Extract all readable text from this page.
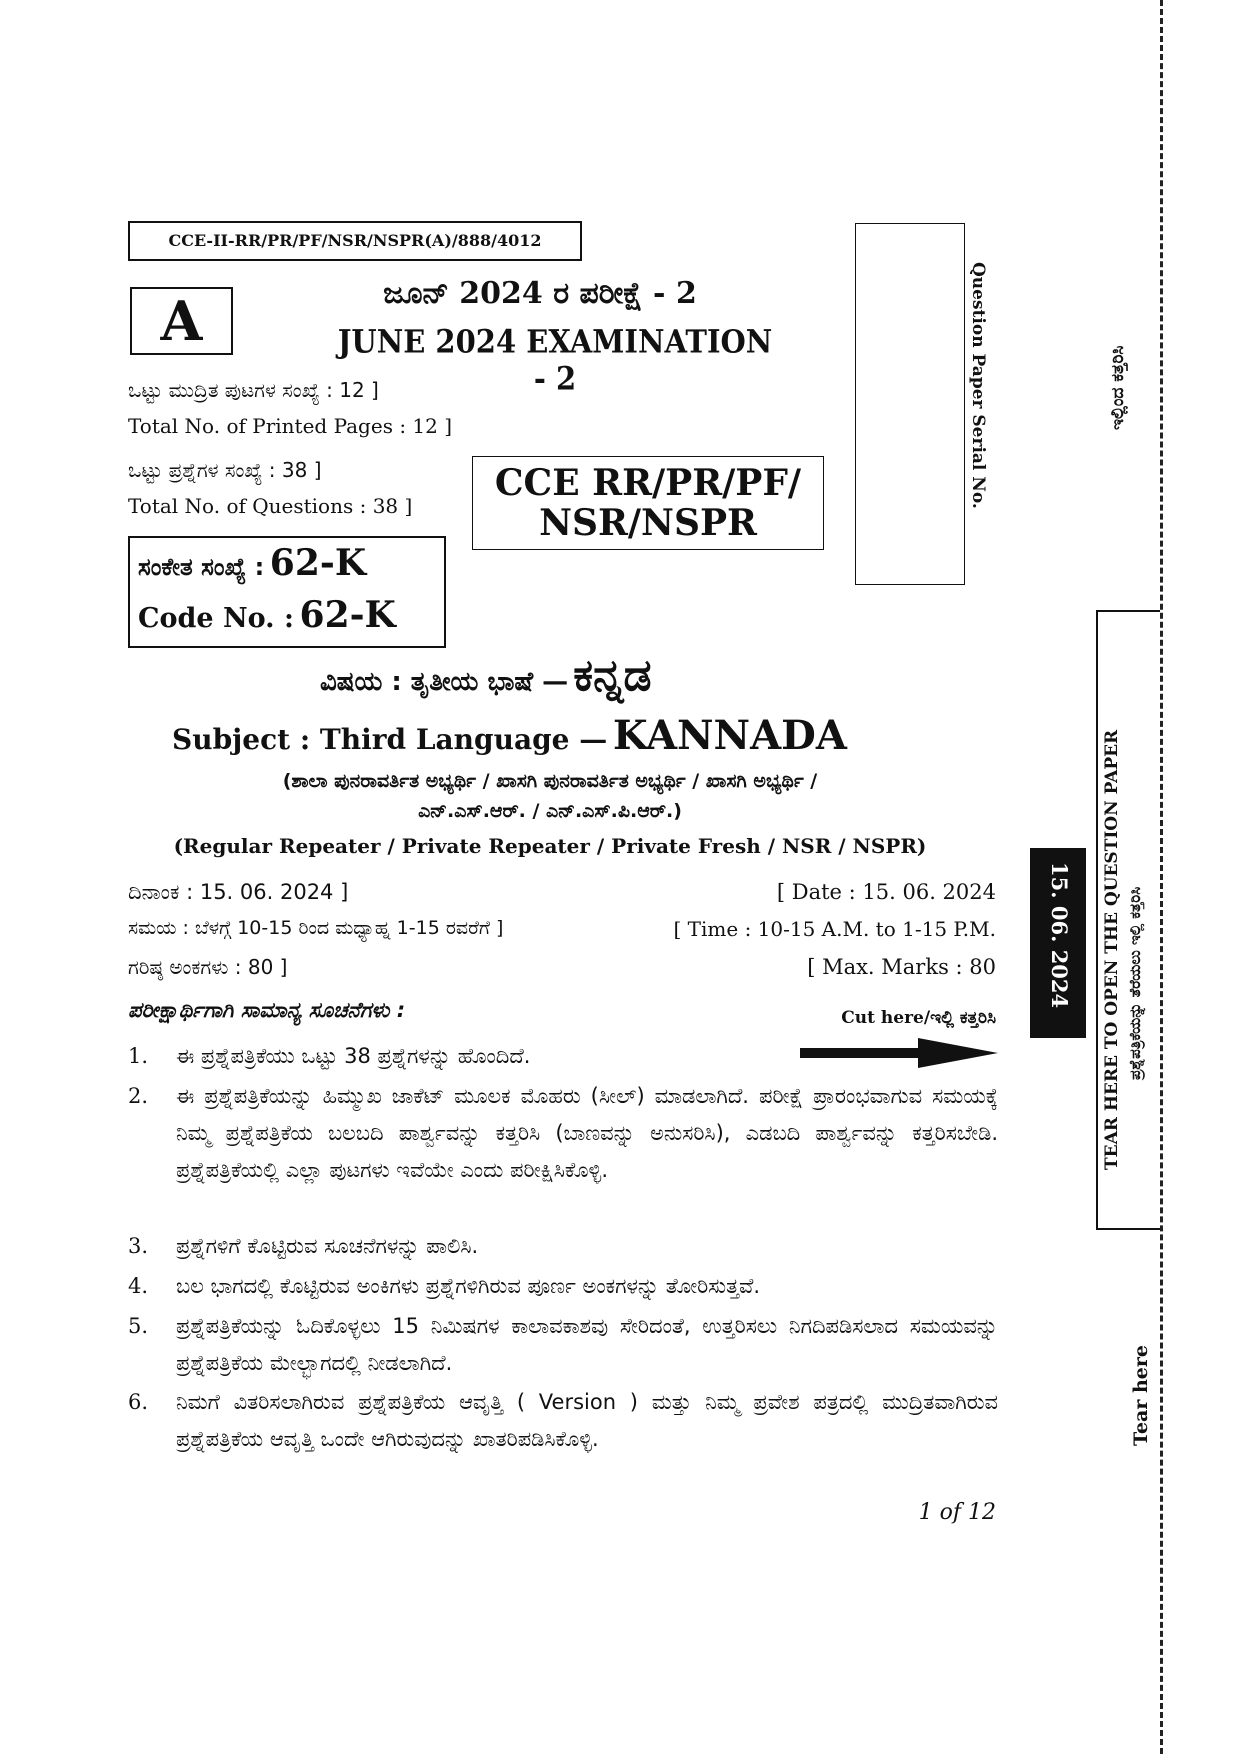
CCE-II-RR/PR/PF/NSR/NSPR(A)/888/4012
A	ಜೂನ್ 2024 ರ ಪರೀಕ್ಷೆ - 2
JUNE 2024 EXAMINATION - 2
ಒಟ್ಟು ಮುದ್ರಿತ ಪುಟಗಳ ಸಂಖ್ಯೆ : 12 ]
Total No. of Printed Pages : 12 ]
ಒಟ್ಟು ಪ್ರಶ್ನೆಗಳ ಸಂಖ್ಯೆ : 38 ]
Total No. of Questions : 38 ]
CCE RR/PR/PF/
NSR/NSPR
ಸಂಕೇತ ಸಂಖ್ಯೆ : 62-K
Code No. : 62-K
Question Paper Serial No.
ವಿಷಯ : ತೃತೀಯ ಭಾಷೆ — ಕನ್ನಡ
Subject : Third Language — KANNADA
(ಶಾಲಾ ಪುನರಾವರ್ತಿತ ಅಭ್ಯರ್ಥಿ / ಖಾಸಗಿ ಪುನರಾವರ್ತಿತ ಅಭ್ಯರ್ಥಿ / ಖಾಸಗಿ ಅಭ್ಯರ್ಥಿ /
ಎನ್.ಎಸ್.ಆರ್. / ಎನ್.ಎಸ್.ಪಿ.ಆರ್.)
(Regular Repeater / Private Repeater / Private Fresh / NSR / NSPR)
ದಿನಾಂಕ : 15. 06. 2024 ]	[ Date : 15. 06. 2024
ಸಮಯ : ಬೆಳಗ್ಗೆ 10-15 ರಿಂದ ಮಧ್ಯಾಹ್ನ 1-15 ರವರೆಗೆ ]	[ Time : 10-15 A.M. to 1-15 P.M.
ಗರಿಷ್ಠ ಅಂಕಗಳು : 80 ]	[ Max. Marks : 80
ಪರೀಕ್ಷಾರ್ಥಿಗಾಗಿ ಸಾಮಾನ್ಯ ಸೂಚನೆಗಳು :	Cut here/ಇಲ್ಲಿ ಕತ್ತರಿಸಿ
1. ಈ ಪ್ರಶ್ನೆಪತ್ರಿಕೆಯು ಒಟ್ಟು 38 ಪ್ರಶ್ನೆಗಳನ್ನು ಹೊಂದಿದೆ.
2. ಈ ಪ್ರಶ್ನೆಪತ್ರಿಕೆಯನ್ನು ಹಿಮ್ಮುಖ ಜಾಕೆಟ್ ಮೂಲಕ ಮೊಹರು (ಸೀಲ್) ಮಾಡಲಾಗಿದೆ. ಪರೀಕ್ಷೆ ಪ್ರಾರಂಭವಾಗುವ ಸಮಯಕ್ಕೆ ನಿಮ್ಮ ಪ್ರಶ್ನೆಪತ್ರಿಕೆಯ ಬಲಬದಿ ಪಾರ್ಶ್ವವನ್ನು ಕತ್ತರಿಸಿ (ಬಾಣವನ್ನು ಅನುಸರಿಸಿ), ಎಡಬದಿ ಪಾರ್ಶ್ವವನ್ನು ಕತ್ತರಿಸಬೇಡಿ. ಪ್ರಶ್ನೆಪತ್ರಿಕೆಯಲ್ಲಿ ಎಲ್ಲಾ ಪುಟಗಳು ಇವೆಯೇ ಎಂದು ಪರೀಕ್ಷಿಸಿಕೊಳ್ಳಿ.
3. ಪ್ರಶ್ನೆಗಳಿಗೆ ಕೊಟ್ಟಿರುವ ಸೂಚನೆಗಳನ್ನು ಪಾಲಿಸಿ.
4. ಬಲ ಭಾಗದಲ್ಲಿ ಕೊಟ್ಟಿರುವ ಅಂಕಿಗಳು ಪ್ರಶ್ನೆಗಳಿಗಿರುವ ಪೂರ್ಣ ಅಂಕಗಳನ್ನು ತೋರಿಸುತ್ತವೆ.
5. ಪ್ರಶ್ನೆಪತ್ರಿಕೆಯನ್ನು ಓದಿಕೊಳ್ಳಲು 15 ನಿಮಿಷಗಳ ಕಾಲಾವಕಾಶವು ಸೇರಿದಂತೆ, ಉತ್ತರಿಸಲು ನಿಗದಿಪಡಿಸಲಾದ ಸಮಯವನ್ನು ಪ್ರಶ್ನೆಪತ್ರಿಕೆಯ ಮೇಲ್ಭಾಗದಲ್ಲಿ ನೀಡಲಾಗಿದೆ.
6. ನಿಮಗೆ ವಿತರಿಸಲಾಗಿರುವ ಪ್ರಶ್ನೆಪತ್ರಿಕೆಯ ಆವೃತ್ತಿ ( Version ) ಮತ್ತು ನಿಮ್ಮ ಪ್ರವೇಶ ಪತ್ರದಲ್ಲಿ ಮುದ್ರಿತವಾಗಿರುವ ಪ್ರಶ್ನೆಪತ್ರಿಕೆಯ ಆವೃತ್ತಿ ಒಂದೇ ಆಗಿರುವುದನ್ನು ಖಾತರಿಪಡಿಸಿಕೊಳ್ಳಿ.
1 of 12
ಇಲ್ಲಿಂದ ಕತ್ತರಿಸಿ
15. 06. 2024 TEAR HERE TO OPEN THE QUESTION PAPER ಪ್ರಶ್ನೆಪತ್ರಿಕೆಯನ್ನು ತೆರೆಯಲು ಇಲ್ಲಿ ಕತ್ತರಿಸಿ
Tear here
